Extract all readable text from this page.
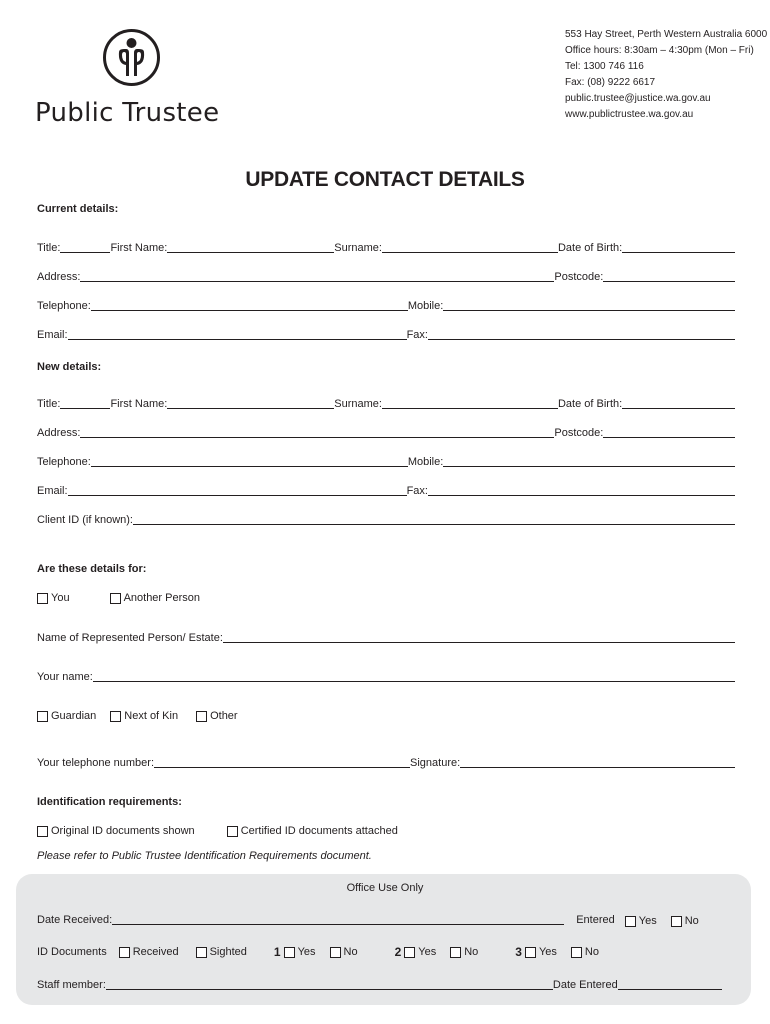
Public Trustee
553 Hay Street, Perth Western Australia 6000
Office hours: 8:30am – 4:30pm (Mon – Fri)
Tel: 1300 746 116
Fax: (08) 9222 6617
public.trustee@justice.wa.gov.au
www.publictrustee.wa.gov.au
UPDATE CONTACT DETAILS
Current details:
Title:	First Name:	Surname:	Date of Birth:
Address:	Postcode:
Telephone:	Mobile:
Email:	Fax:
New details:
Title:	First Name:	Surname:	Date of Birth:
Address:	Postcode:
Telephone:	Mobile:
Email:	Fax:
Client ID (if known):
Are these details for:
You	Another Person
Name of Represented Person/ Estate:
Your name:
Guardian	Next of Kin	Other
Your telephone number:	Signature:
Identification requirements:
Original ID documents shown	Certified ID documents attached
Please refer to Public Trustee Identification Requirements document.
Office Use Only
Date Received:	Entered Yes	No
ID Documents Received	Sighted 1 Yes	No	2 Yes	No	3 Yes	No
Staff member:	Date Entered
